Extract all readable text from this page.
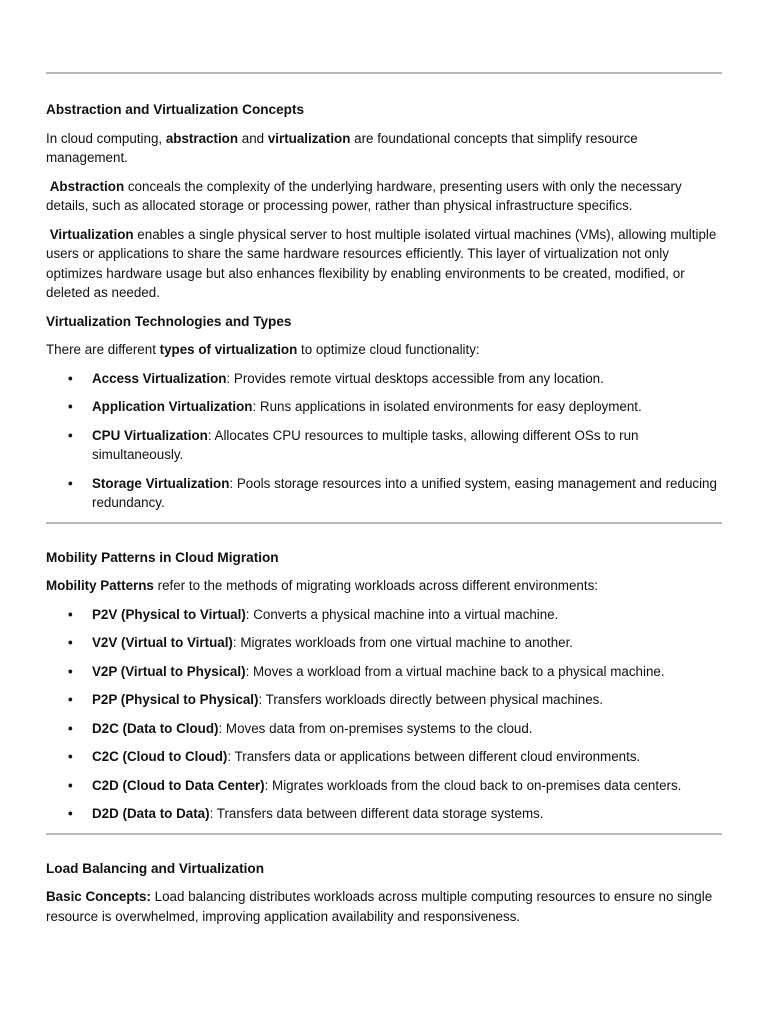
Abstraction and Virtualization Concepts

In cloud computing, abstraction and virtualization are foundational concepts that simplify resource management.

Abstraction conceals the complexity of the underlying hardware, presenting users with only the necessary details, such as allocated storage or processing power, rather than physical infrastructure specifics.

Virtualization enables a single physical server to host multiple isolated virtual machines (VMs), allowing multiple users or applications to share the same hardware resources efficiently. This layer of virtualization not only optimizes hardware usage but also enhances flexibility by enabling environments to be created, modified, or deleted as needed.

Virtualization Technologies and Types

There are different types of virtualization to optimize cloud functionality:

• Access Virtualization: Provides remote virtual desktops accessible from any location.
• Application Virtualization: Runs applications in isolated environments for easy deployment.
• CPU Virtualization: Allocates CPU resources to multiple tasks, allowing different OSs to run simultaneously.
• Storage Virtualization: Pools storage resources into a unified system, easing management and reducing redundancy.

Mobility Patterns in Cloud Migration

Mobility Patterns refer to the methods of migrating workloads across different environments:

• P2V (Physical to Virtual): Converts a physical machine into a virtual machine.
• V2V (Virtual to Virtual): Migrates workloads from one virtual machine to another.
• V2P (Virtual to Physical): Moves a workload from a virtual machine back to a physical machine.
• P2P (Physical to Physical): Transfers workloads directly between physical machines.
• D2C (Data to Cloud): Moves data from on-premises systems to the cloud.
• C2C (Cloud to Cloud): Transfers data or applications between different cloud environments.
• C2D (Cloud to Data Center): Migrates workloads from the cloud back to on-premises data centers.
• D2D (Data to Data): Transfers data between different data storage systems.

Load Balancing and Virtualization

Basic Concepts: Load balancing distributes workloads across multiple computing resources to ensure no single resource is overwhelmed, improving application availability and responsiveness.
